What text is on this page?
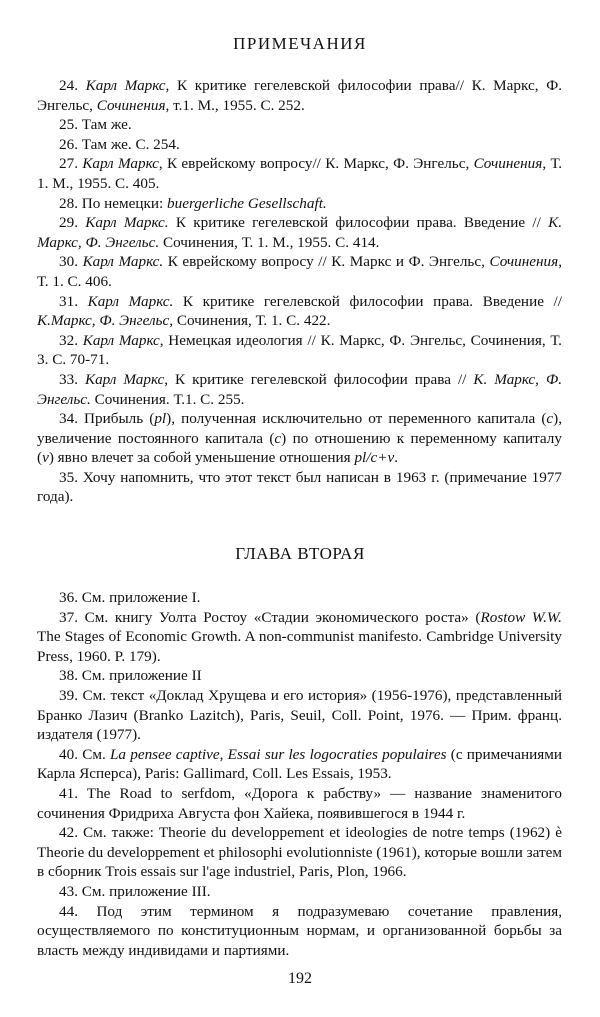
ПРИМЕЧАНИЯ

24. Карл Маркс, К критике гегелевской философии права// К. Маркс, Ф. Энгельс, Сочинения, т.1. М., 1955. С. 252.

25. Там же.

26. Там же. С. 254.

27. Карл Маркс, К еврейскому вопросу// К. Маркс, Ф. Энгельс, Сочинения, Т. 1. М., 1955. С. 405.

28. По немецки: buergerliche Gesellschaft.

29. Карл Маркс. К критике гегелевской философии права. Введение // К. Маркс, Ф. Энгельс. Сочинения, Т. 1. М., 1955. С. 414.

30. Карл Маркс. К еврейскому вопросу // К. Маркс и Ф. Энгельс, Сочинения, Т. 1. С. 406.

31. Карл Маркс. К критике гегелевской философии права. Введение // К.Маркс, Ф. Энгельс, Сочинения, Т. 1. С. 422.

32. Карл Маркс, Немецкая идеология // К. Маркс, Ф. Энгельс, Сочинения, Т. 3. С. 70-71.

33. Карл Маркс, К критике гегелевской философии права // К. Маркс, Ф. Энгельс. Сочинения. Т.1. С. 255.

34. Прибыль (pl), полученная исключительно от переменного капитала (c), увеличение постоянного капитала (c) по отношению к переменному капиталу (v) явно влечет за собой уменьшение отношения pl/c+v.

35. Хочу напомнить, что этот текст был написан в 1963 г. (примечание 1977 года).

ГЛАВА ВТОРАЯ

36. См. приложение I.

37. См. книгу Уолта Ростоу «Стадии экономического роста» (Rostow W.W. The Stages of Economic Growth. A non-communist manifesto. Cambridge University Press, 1960. P. 179).

38. См. приложение II

39. См. текст «Доклад Хрущева и его история» (1956-1976), представленный Бранко Лазич (Branko Lazitch), Paris, Seuil, Coll. Point, 1976. — Прим. франц. издателя (1977).

40. См. La pensee captive, Essai sur les logocraties populaires (с примечаниями Карла Ясперса), Paris: Gallimard, Coll. Les Essais, 1953.

41. The Road to serfdom, «Дорога к рабству» — название знаменитого сочинения Фридриха Августа фон Хайека, появившегося в 1944 г.

42. См. также: Theorie du developpement et ideologies de notre temps (1962) è Theorie du developpement et philosophi evolutionniste (1961), которые вошли затем в сборник Trois essais sur l'age industriel, Paris, Plon, 1966.

43. См. приложение III.

44. Под этим термином я подразумеваю сочетание правления, осуществляемого по конституционным нормам, и организованной борьбы за власть между индивидами и партиями.

192
